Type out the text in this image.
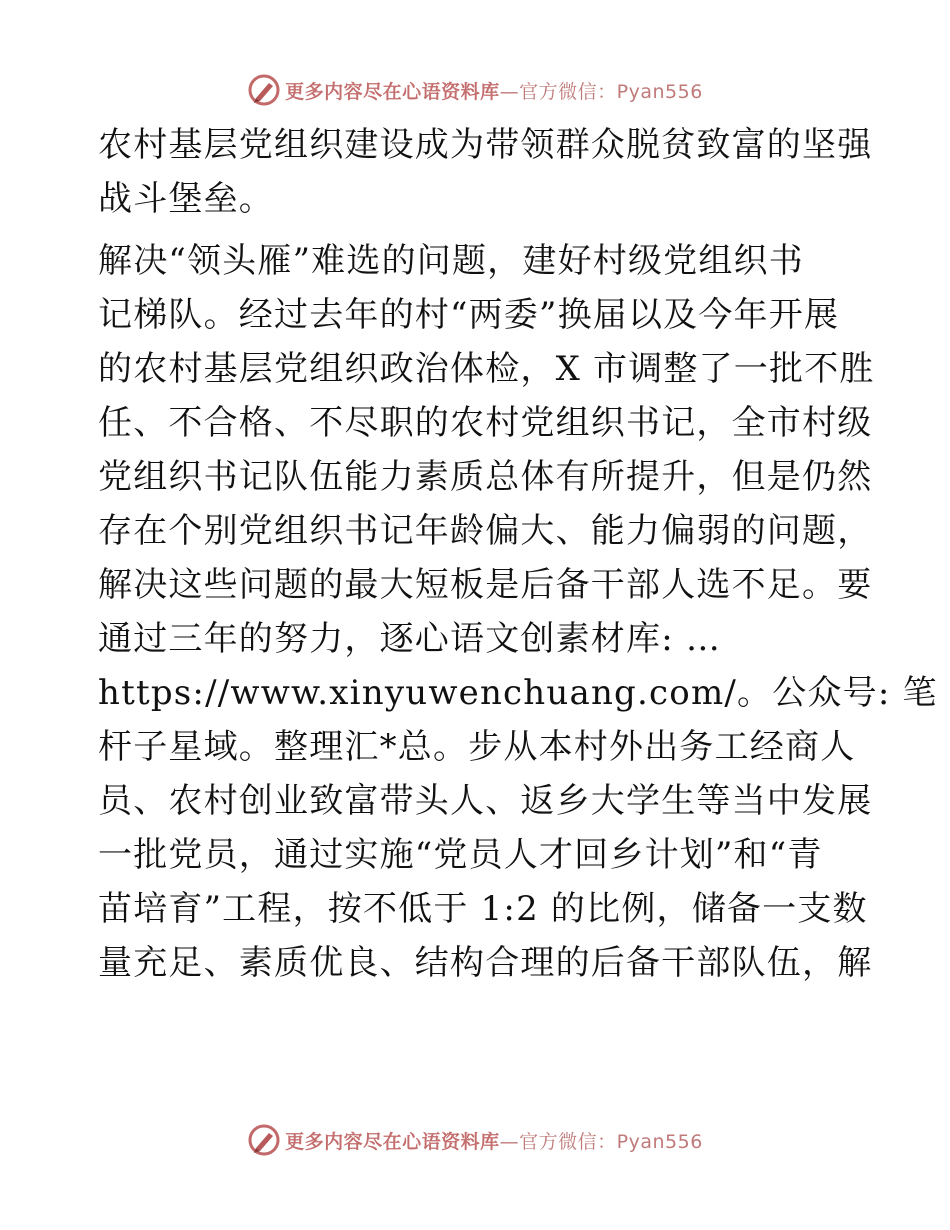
更多内容尽在心语资料库—官方微信：Pyan556

农村基层党组织建设成为带领群众脱贫致富的坚强
战斗堡垒。

解决“领头雁”难选的问题，建好村级党组织书
记梯队。经过去年的村“两委”换届以及今年开展
的农村基层党组织政治体检，X 市调整了一批不胜
任、不合格、不尽职的农村党组织书记，全市村级
党组织书记队伍能力素质总体有所提升，但是仍然
存在个别党组织书记年龄偏大、能力偏弱的问题，
解决这些问题的最大短板是后备干部人选不足。要
通过三年的努力，逐心语文创素材库: …
https://www.xinyuwenchuang.com/。公众号: 笔
杆子星域。整理汇*总。步从本村外出务工经商人
员、农村创业致富带头人、返乡大学生等当中发展
一批党员，通过实施“党员人才回乡计划”和“青
苗培育”工程，按不低于 1:2 的比例，储备一支数
量充足、素质优良、结构合理的后备干部队伍，解

更多内容尽在心语资料库—官方微信：Pyan556
